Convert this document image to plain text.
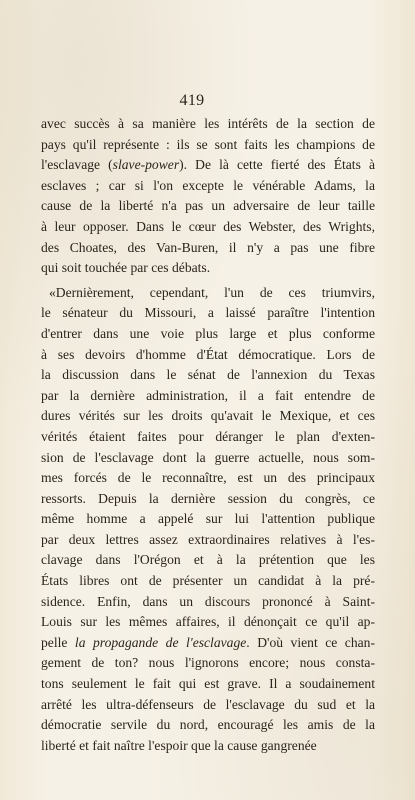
419
avec succès à sa manière les intérêts de la section de
pays qu'il représente : ils se sont faits les champions de
l'esclavage (slave-power). De là cette fierté des États à
esclaves ; car si l'on excepte le vénérable Adams, la
cause de la liberté n'a pas un adversaire de leur taille
à leur opposer. Dans le cœur des Webster, des Wrights,
des Choates, des Van-Buren, il n'y a pas une fibre
qui soit touchée par ces débats.
«Dernièrement, cependant, l'un de ces triumvirs,
le sénateur du Missouri, a laissé paraître l'intention
d'entrer dans une voie plus large et plus conforme
à ses devoirs d'homme d'État démocratique. Lors de
la discussion dans le sénat de l'annexion du Texas
par la dernière administration, il a fait entendre de
dures vérités sur les droits qu'avait le Mexique, et ces
vérités étaient faites pour déranger le plan d'exten-
sion de l'esclavage dont la guerre actuelle, nous som-
mes forcés de le reconnaître, est un des principaux
ressorts. Depuis la dernière session du congrès, ce
même homme a appelé sur lui l'attention publique
par deux lettres assez extraordinaires relatives à l'es-
clavage dans l'Orégon et à la prétention que les
États libres ont de présenter un candidat à la pré-
sidence. Enfin, dans un discours prononcé à Saint-
Louis sur les mêmes affaires, il dénonçait ce qu'il ap-
pelle la propagande de l'esclavage. D'où vient ce chan-
gement de ton? nous l'ignorons encore; nous consta-
tons seulement le fait qui est grave. Il a soudainement
arrêté les ultra-défenseurs de l'esclavage du sud et la
démocratie servile du nord, encouragé les amis de la
liberté et fait naître l'espoir que la cause gangrenée
